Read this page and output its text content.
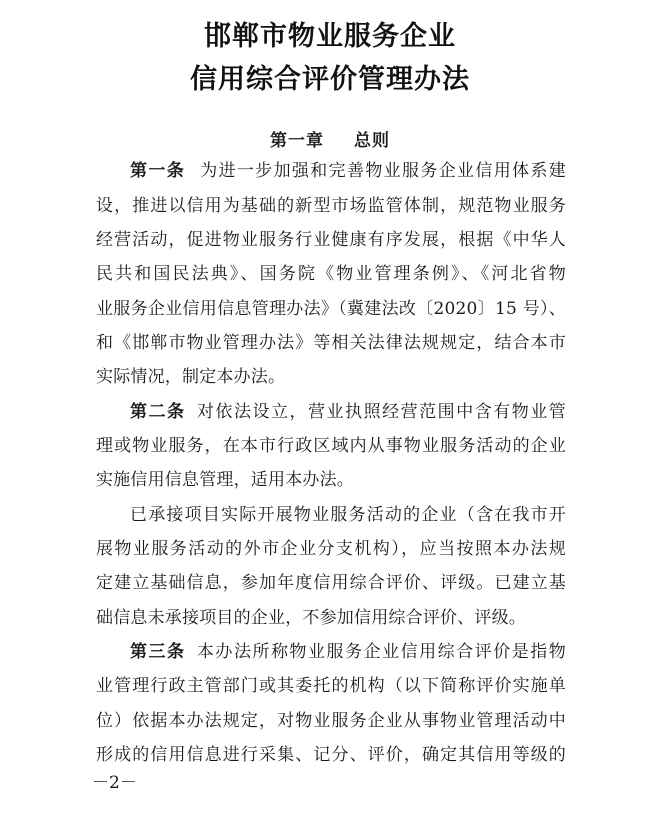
邯郸市物业服务企业
信用综合评价管理办法
第一章 总则
第一条 为进一步加强和完善物业服务企业信用体系建
设，推进以信用为基础的新型市场监管体制，规范物业服务
经营活动，促进物业服务行业健康有序发展，根据《中华人
民共和国民法典》、国务院《物业管理条例》、《河北省物
业服务企业信用信息管理办法》（冀建法改〔2020〕15 号）、
和《邯郸市物业管理办法》等相关法律法规规定，结合本市
实际情况，制定本办法。
第二条 对依法设立，营业执照经营范围中含有物业管
理或物业服务，在本市行政区域内从事物业服务活动的企业
实施信用信息管理，适用本办法。
已承接项目实际开展物业服务活动的企业（含在我市开
展物业服务活动的外市企业分支机构），应当按照本办法规
定建立基础信息，参加年度信用综合评价、评级。已建立基
础信息未承接项目的企业，不参加信用综合评价、评级。
第三条 本办法所称物业服务企业信用综合评价是指物
业管理行政主管部门或其委托的机构（以下简称评价实施单
位）依据本办法规定，对物业服务企业从事物业管理活动中
形成的信用信息进行采集、记分、评价，确定其信用等级的
－2－
